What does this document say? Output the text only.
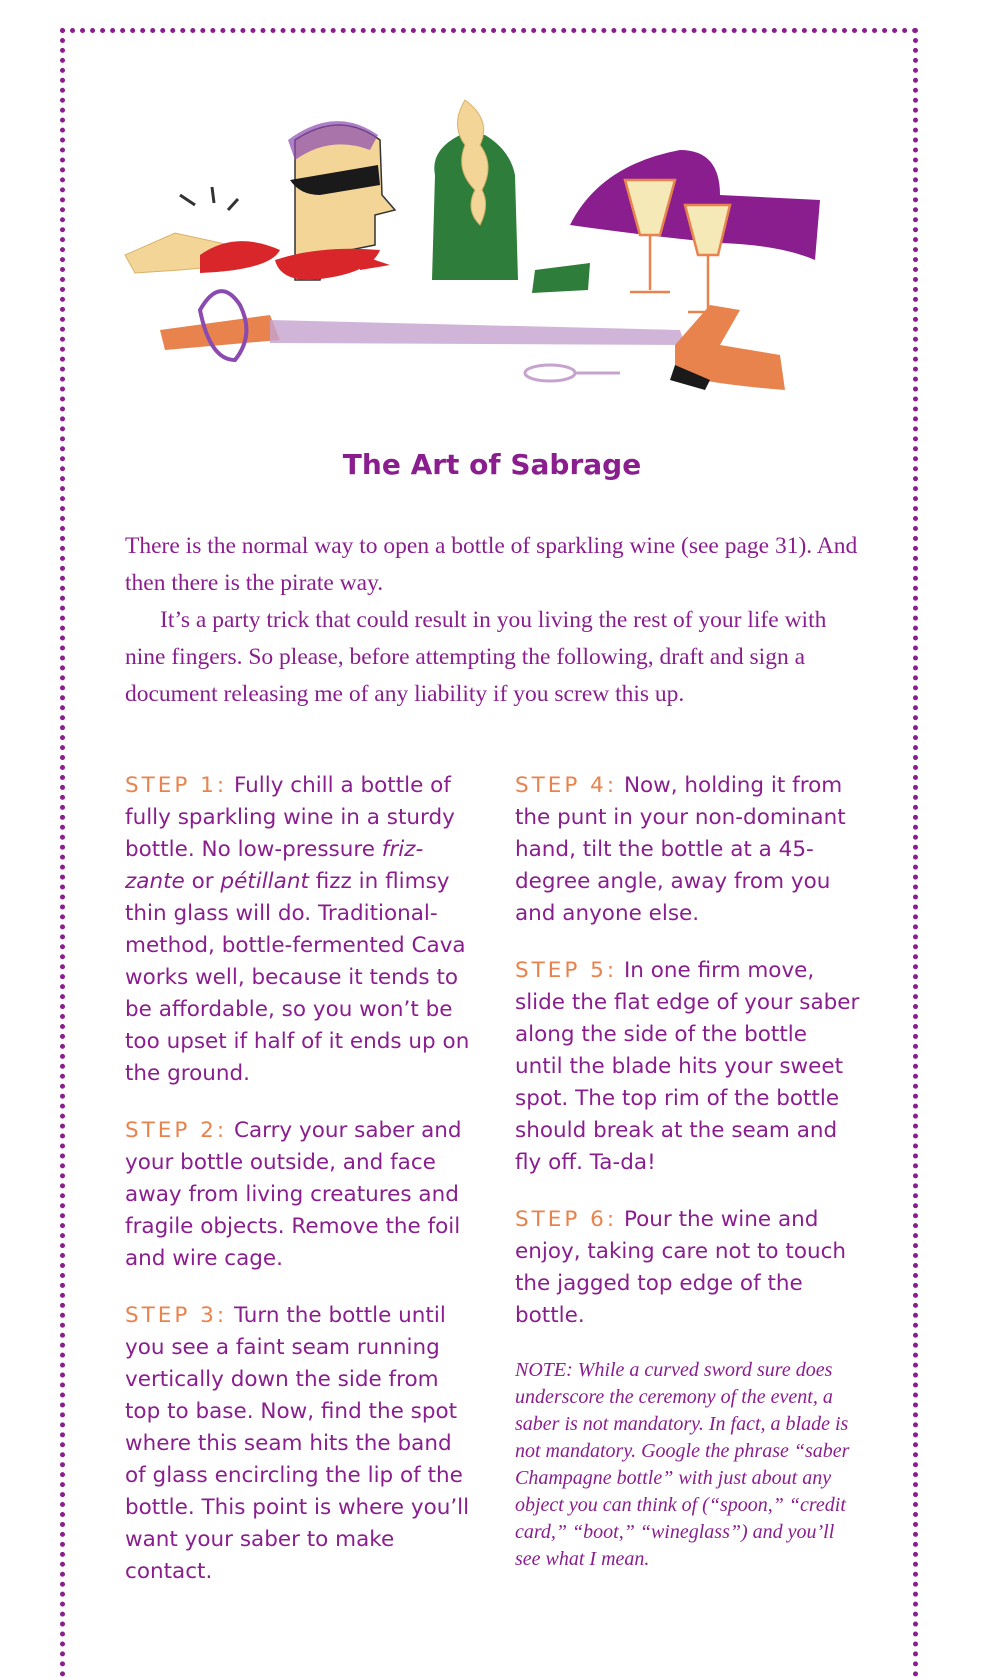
The Art of Sabrage

There is the normal way to open a bottle of sparkling wine (see page 31). And then there is the pirate way.

It’s a party trick that could result in you living the rest of your life with nine fingers. So please, before attempting the following, draft and sign a document releasing me of any liability if you screw this up.

STEP 1: Fully chill a bottle of fully sparkling wine in a sturdy bottle. No low-pressure frizzante or pétillant fizz in flimsy thin glass will do. Traditional-method, bottle-fermented Cava works well, because it tends to be affordable, so you won’t be too upset if half of it ends up on the ground.

STEP 2: Carry your saber and your bottle outside, and face away from living creatures and fragile objects. Remove the foil and wire cage.

STEP 3: Turn the bottle until you see a faint seam running vertically down the side from top to base. Now, find the spot where this seam hits the band of glass encircling the lip of the bottle. This point is where you’ll want your saber to make contact.

STEP 4: Now, holding it from the punt in your non-dominant hand, tilt the bottle at a 45-degree angle, away from you and anyone else.

STEP 5: In one firm move, slide the flat edge of your saber along the side of the bottle until the blade hits your sweet spot. The top rim of the bottle should break at the seam and fly off. Ta-da!

STEP 6: Pour the wine and enjoy, taking care not to touch the jagged top edge of the bottle.

NOTE: While a curved sword sure does underscore the ceremony of the event, a saber is not mandatory. In fact, a blade is not mandatory. Google the phrase “saber Champagne bottle” with just about any object you can think of (“spoon,” “credit card,” “boot,” “wineglass”) and you’ll see what I mean.
